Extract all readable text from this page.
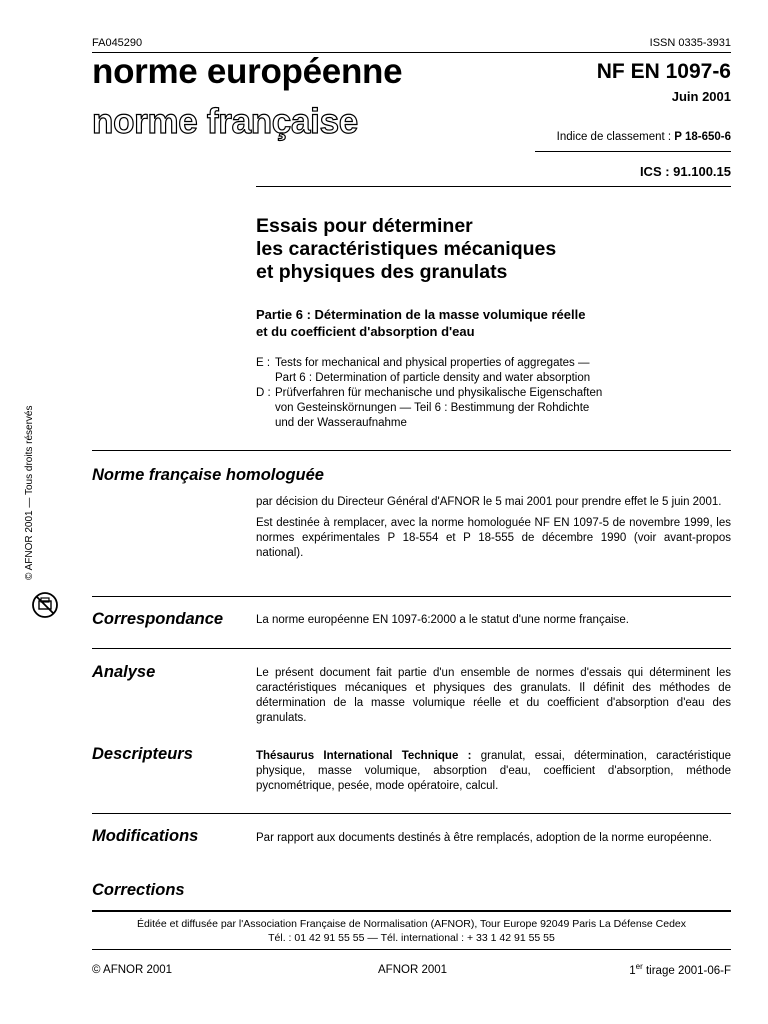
FA045290	ISSN 0335-3931
norme européenne
norme française
NF EN 1097-6
Juin 2001
Indice de classement : P 18-650-6
ICS : 91.100.15
Essais pour déterminer
les caractéristiques mécaniques
et physiques des granulats
Partie 6 : Détermination de la masse volumique réelle
et du coefficient d'absorption d'eau
E : Tests for mechanical and physical properties of aggregates —
Part 6 : Determination of particle density and water absorption
D : Prüfverfahren für mechanische und physikalische Eigenschaften
von Gesteinskörnungen — Teil 6 : Bestimmung der Rohdichte
und der Wasseraufnahme
© AFNOR 2001 — Tous droits réservés	Norme française homologuée

par décision du Directeur Général d'AFNOR le 5 mai 2001 pour prendre effet le 5 juin 2001.

Est destinée à remplacer, avec la norme homologuée NF EN 1097-5 de novembre 1999, les normes expérimentales P 18-554 et P 18-555 de décembre 1990 (voir avant-propos national).

Correspondance	La norme européenne EN 1097-6:2000 a le statut d'une norme française.
Analyse	Le présent document fait partie d'un ensemble de normes d'essais qui déterminent les caractéristiques mécaniques et physiques des granulats. Il définit des méthodes de détermination de la masse volumique réelle et du coefficient d'absorption d'eau des granulats.
Descripteurs	Thésaurus International Technique : granulat, essai, détermination, caractéristique physique, masse volumique, absorption d'eau, coefficient d'absorption, méthode pycnométrique, pesée, mode opératoire, calcul.
Modifications	Par rapport aux documents destinés à être remplacés, adoption de la norme européenne.
Corrections
Éditée et diffusée par l'Association Française de Normalisation (AFNOR), Tour Europe 92049 Paris La Défense Cedex
Tél. : 01 42 91 55 55 — Tél. international : + 33 1 42 91 55 55
© AFNOR 2001	AFNOR 2001	1er tirage 2001-06-F
